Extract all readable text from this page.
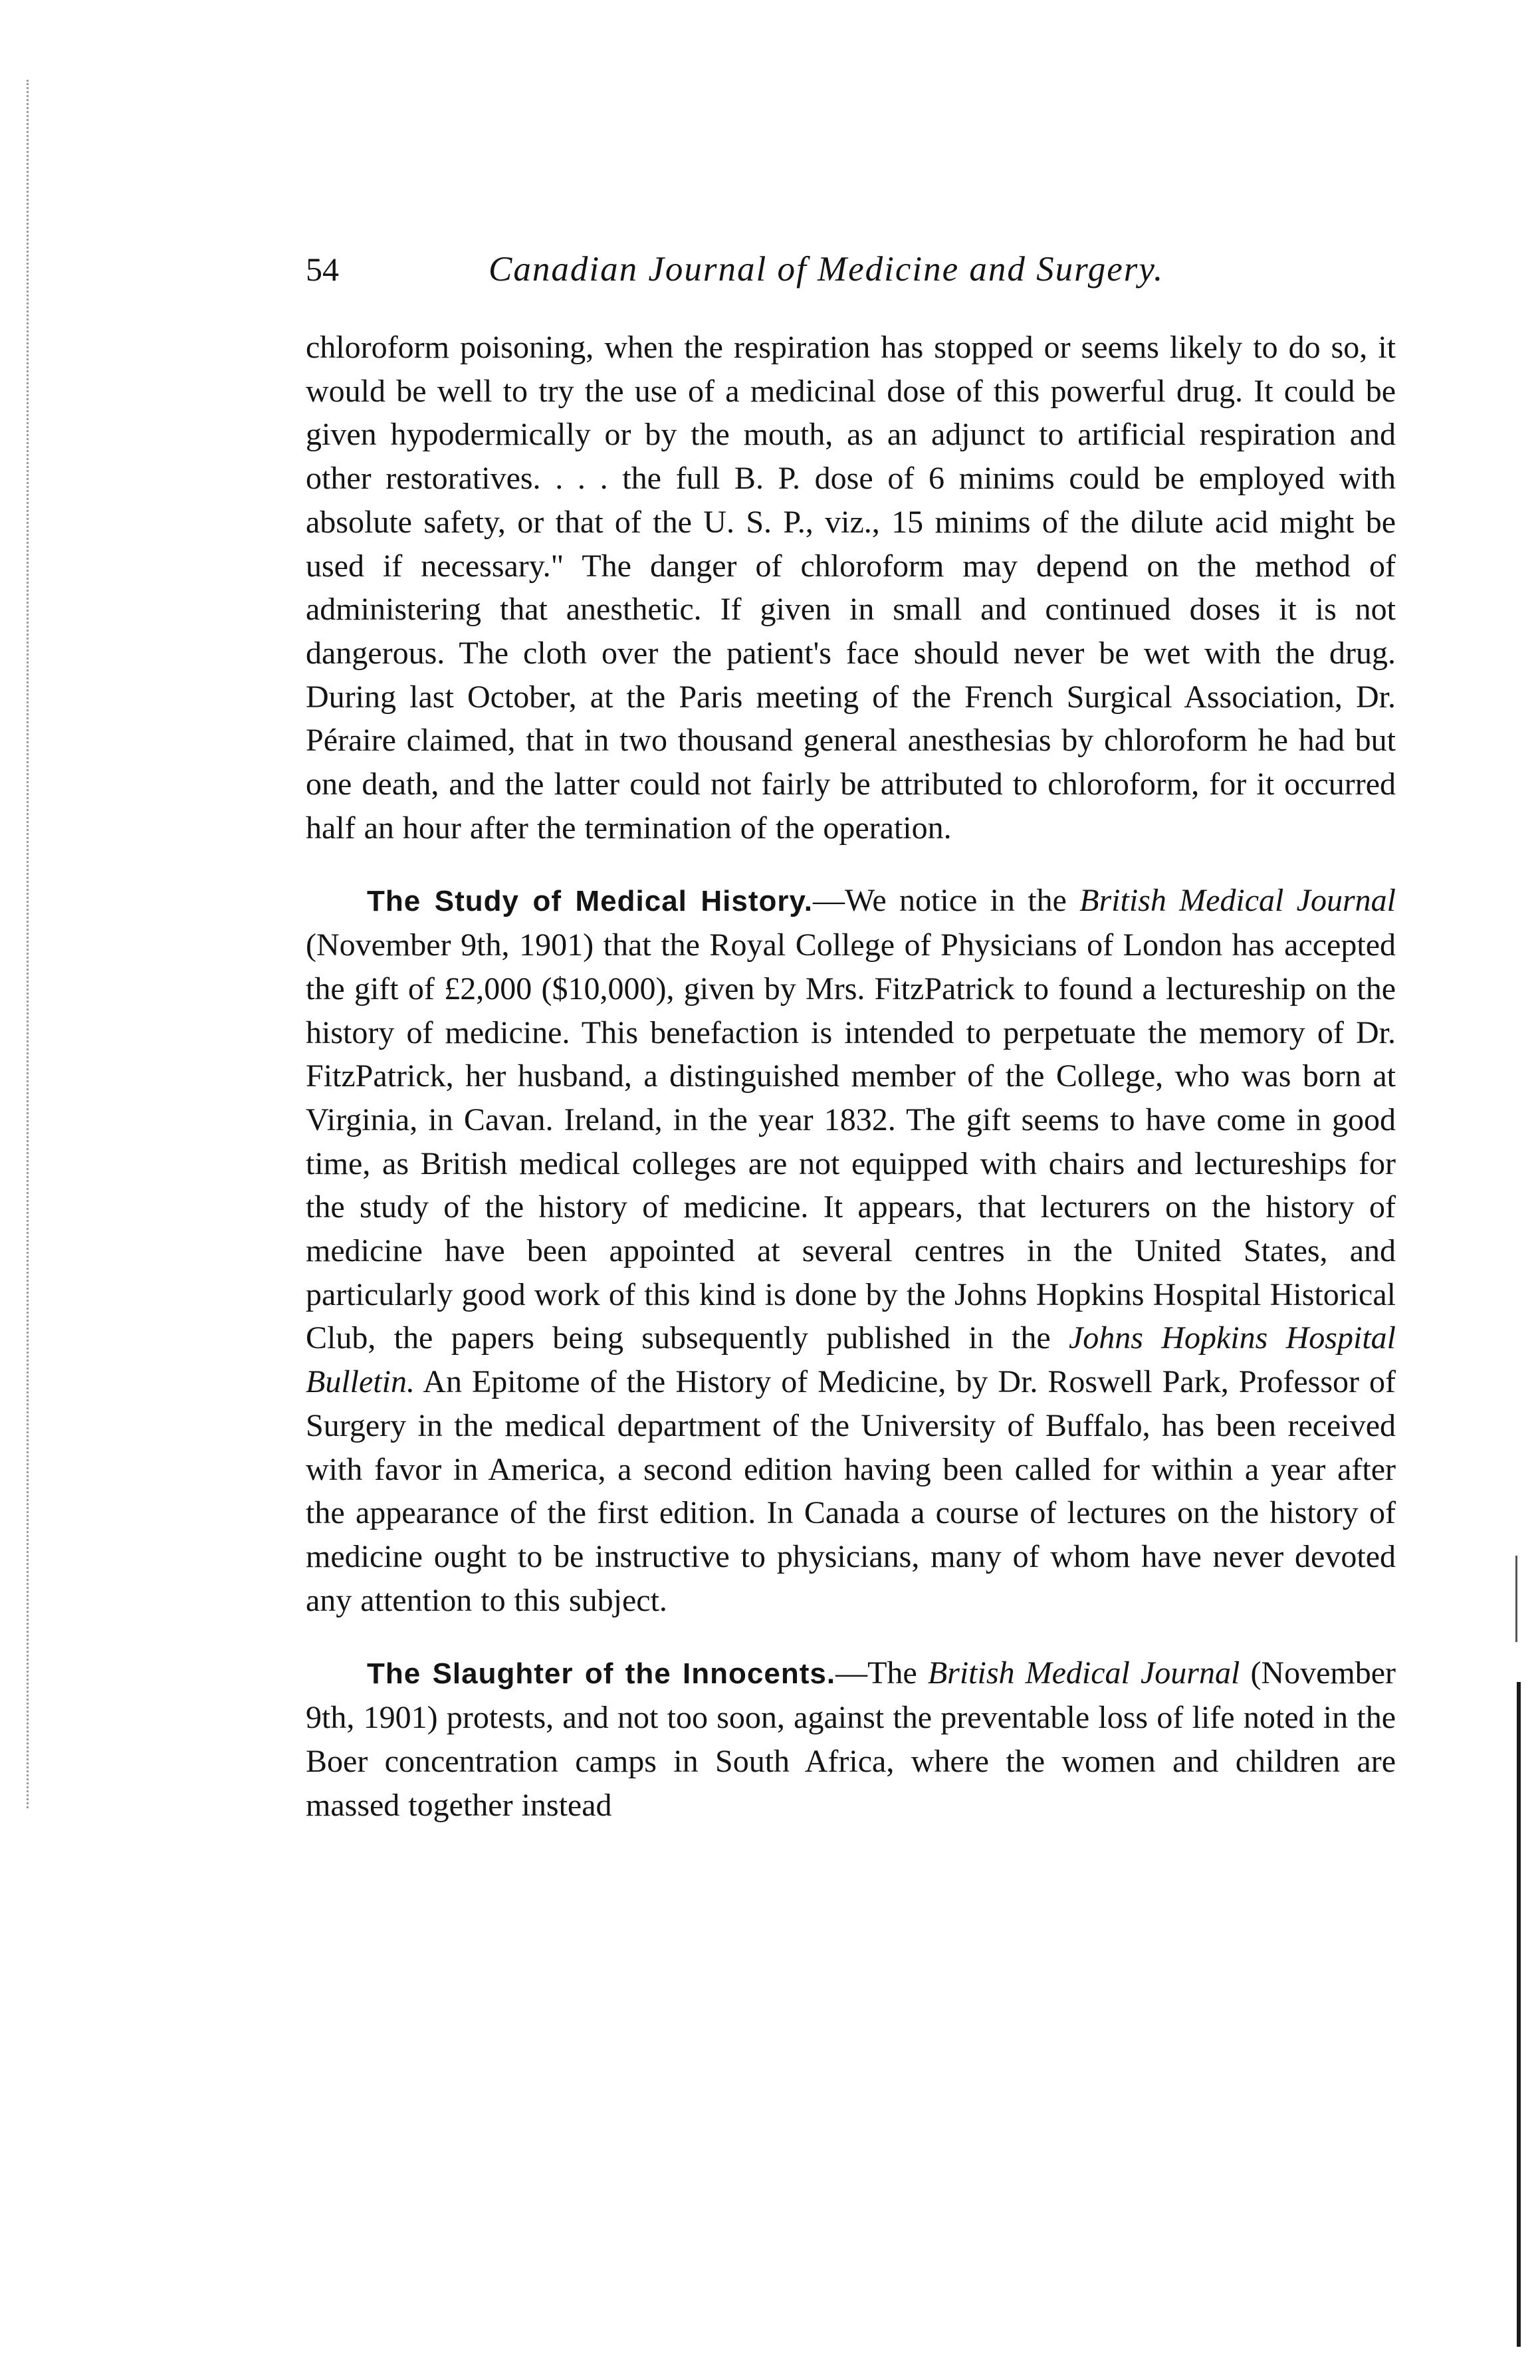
54	Canadian Journal of Medicine and Surgery.

chloroform poisoning, when the respiration has stopped or seems likely to do so, it would be well to try the use of a medicinal dose of this powerful drug. It could be given hypodermically or by the mouth, as an adjunct to artificial respiration and other restoratives. . . . the full B. P. dose of 6 minims could be employed with absolute safety, or that of the U. S. P., viz., 15 minims of the dilute acid might be used if necessary." The danger of chloroform may depend on the method of administering that anesthetic. If given in small and continued doses it is not dangerous. The cloth over the patient's face should never be wet with the drug. During last October, at the Paris meeting of the French Surgical Association, Dr. Péraire claimed, that in two thousand general anesthesias by chloroform he had but one death, and the latter could not fairly be attributed to chloroform, for it occurred half an hour after the termination of the operation.

The Study of Medical History.—We notice in the British Medical Journal (November 9th, 1901) that the Royal College of Physicians of London has accepted the gift of £2,000 ($10,000), given by Mrs. FitzPatrick to found a lectureship on the history of medicine. This benefaction is intended to perpetuate the memory of Dr. FitzPatrick, her husband, a distinguished member of the College, who was born at Virginia, in Cavan. Ireland, in the year 1832. The gift seems to have come in good time, as British medical colleges are not equipped with chairs and lectureships for the study of the history of medicine. It appears, that lecturers on the history of medicine have been appointed at several centres in the United States, and particularly good work of this kind is done by the Johns Hopkins Hospital Historical Club, the papers being subsequently published in the Johns Hopkins Hospital Bulletin. An Epitome of the History of Medicine, by Dr. Roswell Park, Professor of Surgery in the medical department of the University of Buffalo, has been received with favor in America, a second edition having been called for within a year after the appearance of the first edition. In Canada a course of lectures on the history of medicine ought to be instructive to physicians, many of whom have never devoted any attention to this subject.

The Slaughter of the Innocents.—The British Medical Journal (November 9th, 1901) protests, and not too soon, against the preventable loss of life noted in the Boer concentration camps in South Africa, where the women and children are massed together instead
